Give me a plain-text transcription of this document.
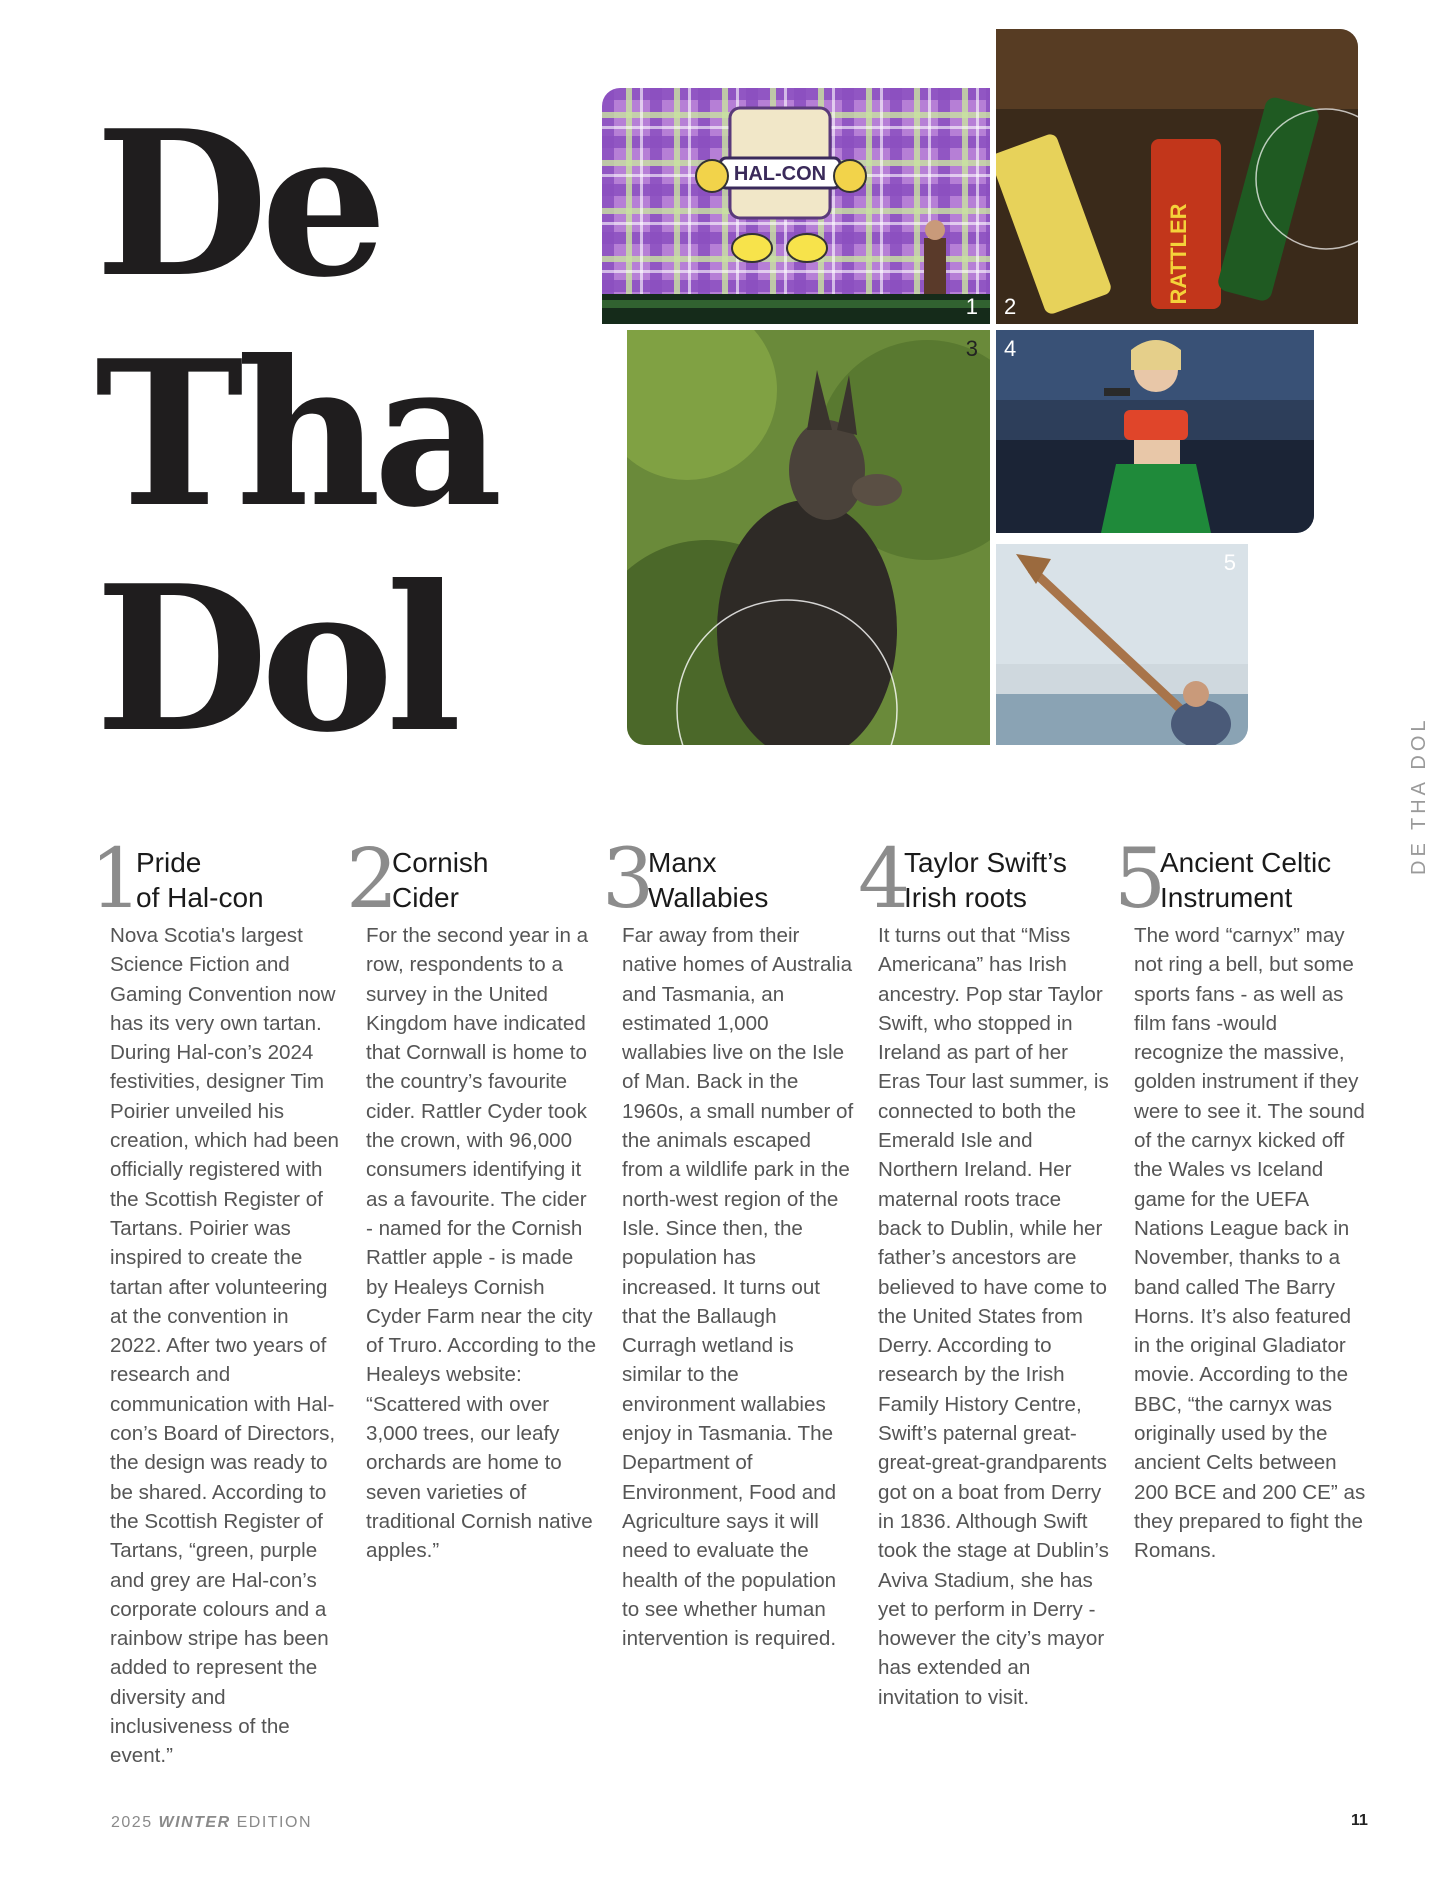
De
Tha
Dol
HAL-CON
1
RATTLER
2
3 4
5
DE THA DOL
1
Pride
of Hal-con

Nova Scotia's largest Science Fiction and Gaming Convention now has its very own tartan. During Hal-con’s 2024 festivities, designer Tim Poirier unveiled his creation, which had been officially registered with the Scottish Register of Tartans. Poirier was inspired to create the tartan after volunteering at the convention in 2022. After two years of research and communication with Hal-con’s Board of Directors, the design was ready to be shared. According to the Scottish Register of Tartans, “green, purple and grey are Hal-con’s corporate colours and a rainbow stripe has been added to represent the diversity and inclusiveness of the event.”

2
Cornish
Cider

For the second year in a row, respondents to a survey in the United Kingdom have indicated that Cornwall is home to the country’s favourite cider. Rattler Cyder took the crown, with 96,000 consumers identifying it as a favourite. The cider - named for the Cornish Rattler apple - is made by Healeys Cornish Cyder Farm near the city of Truro. According to the Healeys website: “Scattered with over 3,000 trees, our leafy orchards are home to seven varieties of traditional Cornish native apples.”

3
Manx
Wallabies

Far away from their native homes of Australia and Tasmania, an estimated 1,000 wallabies live on the Isle of Man. Back in the 1960s, a small number of the animals escaped from a wildlife park in the north-west region of the Isle. Since then, the population has increased. It turns out that the Ballaugh Curragh wetland is similar to the environment wallabies enjoy in Tasmania. The Department of Environment, Food and Agriculture says it will need to evaluate the health of the population to see whether human intervention is required.

4
Taylor Swift’s
Irish roots

It turns out that “Miss Americana” has Irish ancestry. Pop star Taylor Swift, who stopped in Ireland as part of her Eras Tour last summer, is connected to both the Emerald Isle and Northern Ireland. Her maternal roots trace back to Dublin, while her father’s ancestors are believed to have come to the United States from Derry. According to research by the Irish Family History Centre, Swift’s paternal great-great-great-grandparents got on a boat from Derry in 1836. Although Swift took the stage at Dublin’s Aviva Stadium, she has yet to perform in Derry - however the city’s mayor has extended an invitation to visit.

5
Ancient Celtic
Instrument

The word “carnyx” may not ring a bell, but some sports fans - as well as film fans -would recognize the massive, golden instrument if they were to see it. The sound of the carnyx kicked off the Wales vs Iceland game for the UEFA Nations League back in November, thanks to a band called The Barry Horns. It’s also featured in the original Gladiator movie. According to the BBC, “the carnyx was originally used by the ancient Celts between 200 BCE and 200 CE” as they prepared to fight the Romans.

2025 WINTER EDITION	11
